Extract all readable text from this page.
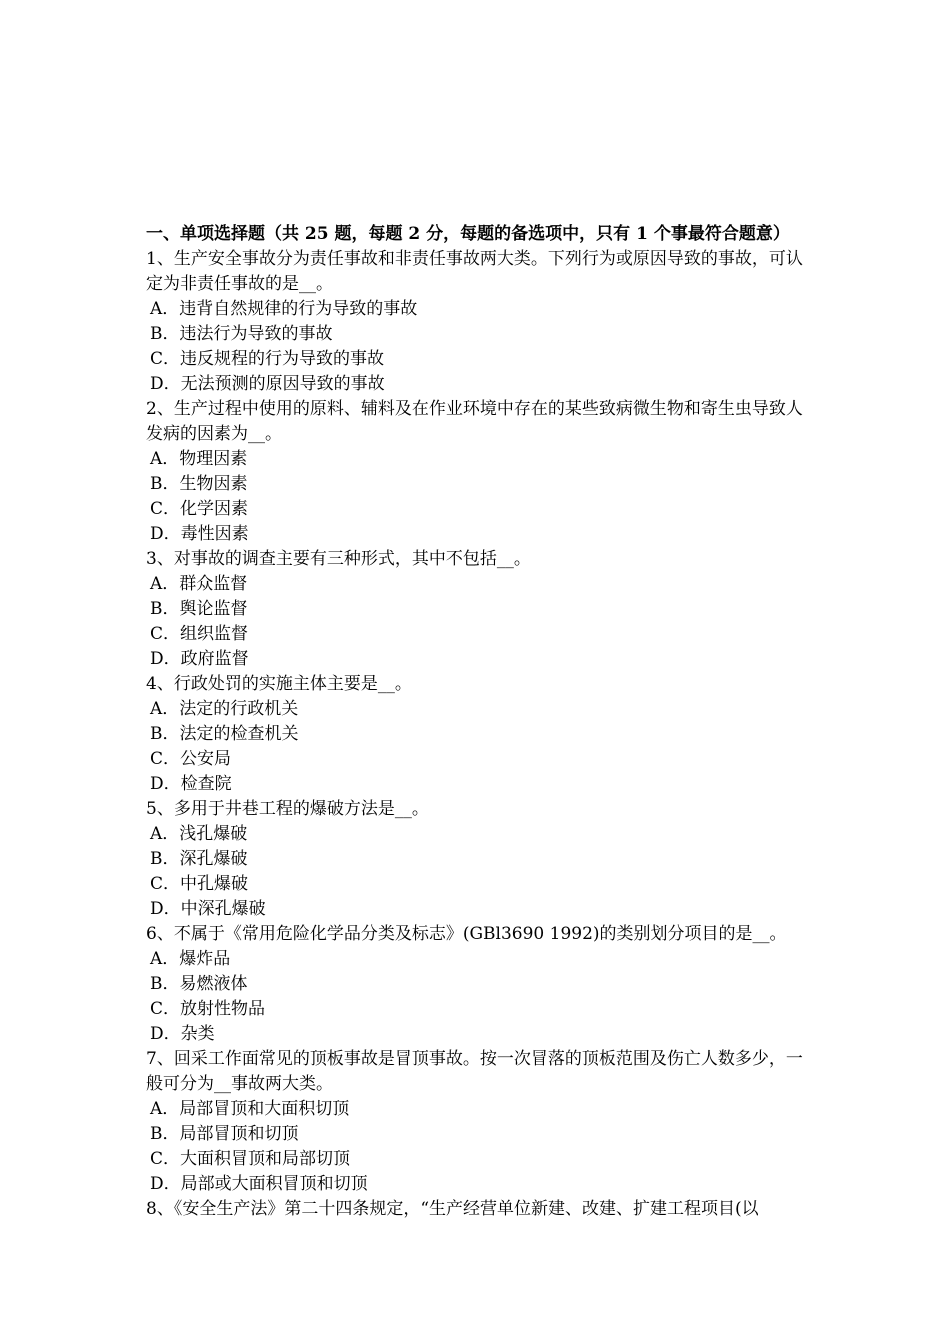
一、单项选择题（共 25 题，每题 2 分，每题的备选项中，只有 1 个事最符合题意）

1、生产安全事故分为责任事故和非责任事故两大类。下列行为或原因导致的事故，可认定为非责任事故的是__。

A．违背自然规律的行为导致的事故

B．违法行为导致的事故

C．违反规程的行为导致的事故

D．无法预测的原因导致的事故

2、生产过程中使用的原料、辅料及在作业环境中存在的某些致病微生物和寄生虫导致人发病的因素为__。

A．物理因素

B．生物因素

C．化学因素

D．毒性因素

3、对事故的调查主要有三种形式，其中不包括__。

A．群众监督

B．舆论监督

C．组织监督

D．政府监督

4、行政处罚的实施主体主要是__。

A．法定的行政机关

B．法定的检查机关

C．公安局

D．检查院

5、多用于井巷工程的爆破方法是__。

A．浅孔爆破

B．深孔爆破

C．中孔爆破

D．中深孔爆破

6、不属于《常用危险化学品分类及标志》(GBl3690 1992)的类别划分项目的是__。

A．爆炸品

B．易燃液体

C．放射性物品

D．杂类

7、回采工作面常见的顶板事故是冒顶事故。按一次冒落的顶板范围及伤亡人数多少，一般可分为__事故两大类。

A．局部冒顶和大面积切顶

B．局部冒顶和切顶

C．大面积冒顶和局部切顶

D．局部或大面积冒顶和切顶

8、《安全生产法》第二十四条规定，“生产经营单位新建、改建、扩建工程项目(以
